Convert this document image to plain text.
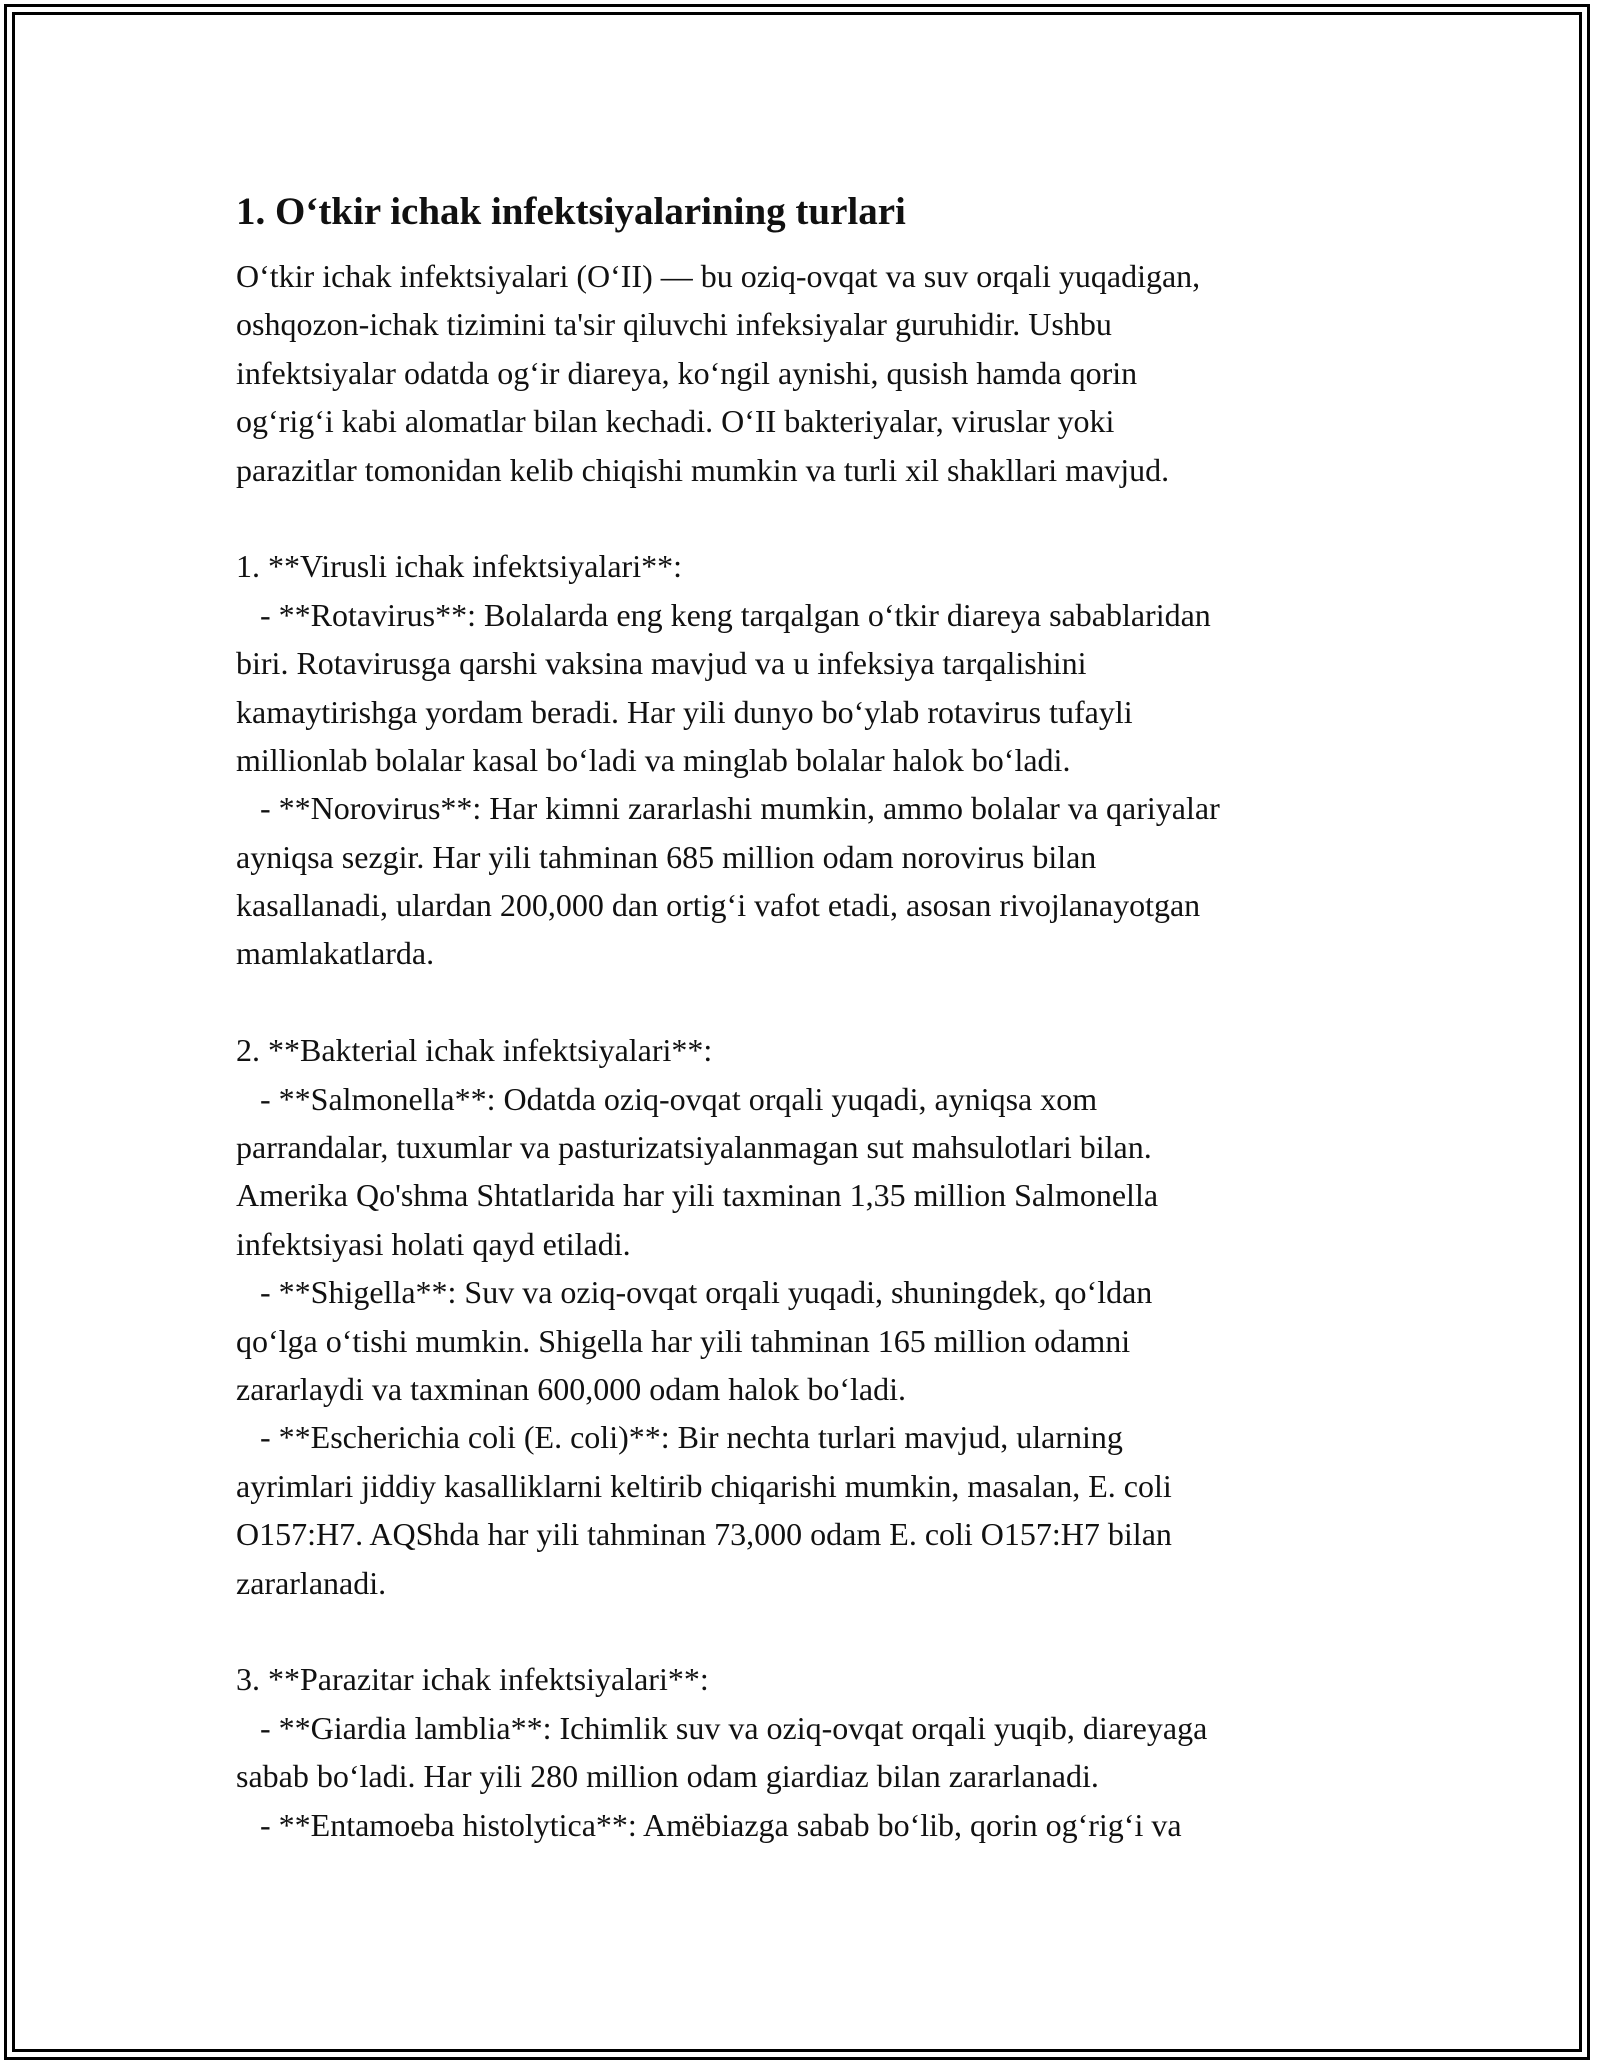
1. O‘tkir ichak infektsiyalarining turlari
O‘tkir ichak infektsiyalari (O‘II) — bu oziq-ovqat va suv orqali yuqadigan,
oshqozon-ichak tizimini ta'sir qiluvchi infeksiyalar guruhidir. Ushbu
infektsiyalar odatda og‘ir diareya, ko‘ngil aynishi, qusish hamda qorin
og‘rig‘i kabi alomatlar bilan kechadi. O‘II bakteriyalar, viruslar yoki
parazitlar tomonidan kelib chiqishi mumkin va turli xil shakllari mavjud.
1. **Virusli ichak infektsiyalari**:
- **Rotavirus**: Bolalarda eng keng tarqalgan o‘tkir diareya sabablaridan
biri. Rotavirusga qarshi vaksina mavjud va u infeksiya tarqalishini
kamaytirishga yordam beradi. Har yili dunyo bo‘ylab rotavirus tufayli
millionlab bolalar kasal bo‘ladi va minglab bolalar halok bo‘ladi.
- **Norovirus**: Har kimni zararlashi mumkin, ammo bolalar va qariyalar
ayniqsa sezgir. Har yili tahminan 685 million odam norovirus bilan
kasallanadi, ulardan 200,000 dan ortig‘i vafot etadi, asosan rivojlanayotgan
mamlakatlarda.
2. **Bakterial ichak infektsiyalari**:
- **Salmonella**: Odatda oziq-ovqat orqali yuqadi, ayniqsa xom
parrandalar, tuxumlar va pasturizatsiyalanmagan sut mahsulotlari bilan.
Amerika Qo'shma Shtatlarida har yili taxminan 1,35 million Salmonella
infektsiyasi holati qayd etiladi.
- **Shigella**: Suv va oziq-ovqat orqali yuqadi, shuningdek, qo‘ldan
qo‘lga o‘tishi mumkin. Shigella har yili tahminan 165 million odamni
zararlaydi va taxminan 600,000 odam halok bo‘ladi.
- **Escherichia coli (E. coli)**: Bir nechta turlari mavjud, ularning
ayrimlari jiddiy kasalliklarni keltirib chiqarishi mumkin, masalan, E. coli
O157:H7. AQShda har yili tahminan 73,000 odam E. coli O157:H7 bilan
zararlanadi.
3. **Parazitar ichak infektsiyalari**:
- **Giardia lamblia**: Ichimlik suv va oziq-ovqat orqali yuqib, diareyaga
sabab bo‘ladi. Har yili 280 million odam giardiaz bilan zararlanadi.
- **Entamoeba histolytica**: Amëbiazga sabab bo‘lib, qorin og‘rig‘i va
